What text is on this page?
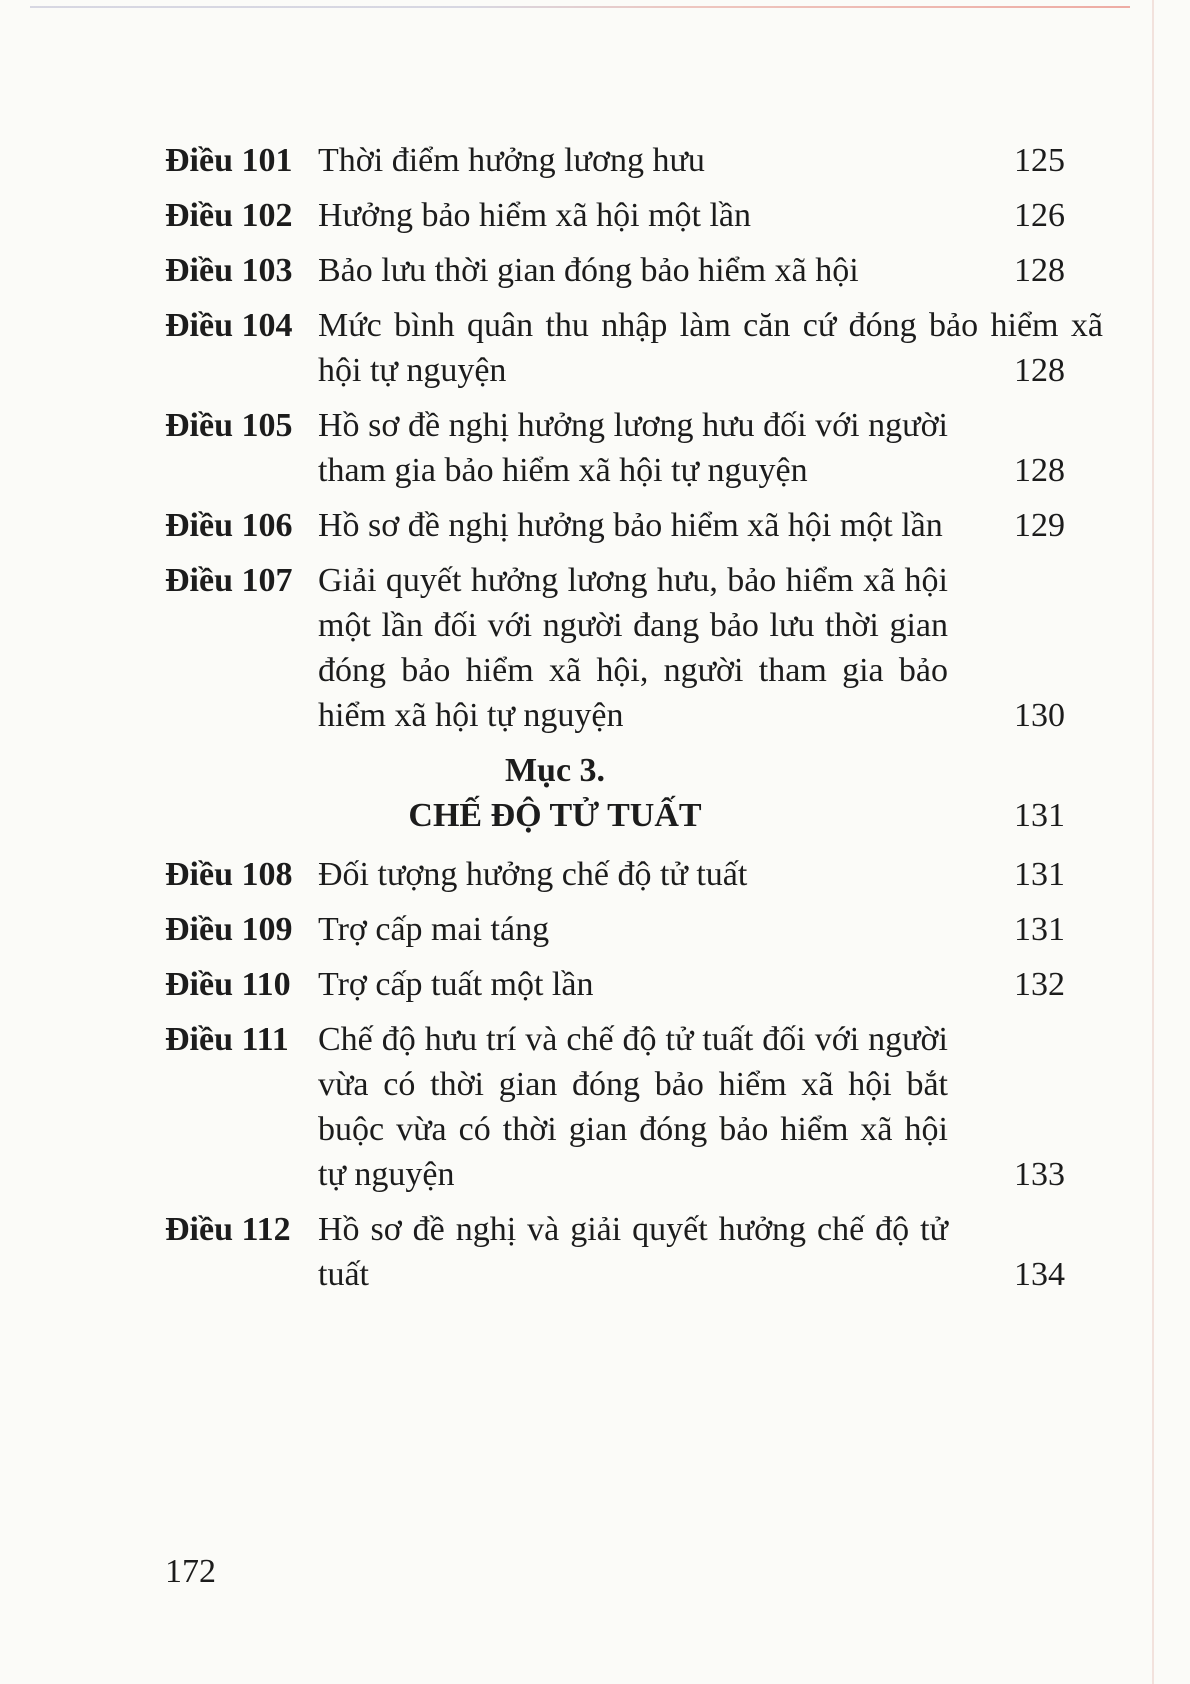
Điều 101 Thời điểm hưởng lương hưu	125
Điều 102 Hưởng bảo hiểm xã hội một lần	126
Điều 103 Bảo lưu thời gian đóng bảo hiểm xã hội	128
Điều 104 Mức bình quân thu nhập làm căn cứ đóng bảo hiểm xã hội tự nguyện	128
Điều 105 Hồ sơ đề nghị hưởng lương hưu đối với người tham gia bảo hiểm xã hội tự nguyện	128
Điều 106 Hồ sơ đề nghị hưởng bảo hiểm xã hội một lần 129
Điều 107 Giải quyết hưởng lương hưu, bảo hiểm xã hội một lần đối với người đang bảo lưu thời gian đóng bảo hiểm xã hội, người tham gia bảo hiểm xã hội tự nguyện	130
Mục 3.
CHẾ ĐỘ TỬ TUẤT	131
Điều 108 Đối tượng hưởng chế độ tử tuất	131
Điều 109 Trợ cấp mai táng	131
Điều 110 Trợ cấp tuất một lần	132
Điều 111 Chế độ hưu trí và chế độ tử tuất đối với người vừa có thời gian đóng bảo hiểm xã hội bắt buộc vừa có thời gian đóng bảo hiểm xã hội tự nguyện	133
Điều 112 Hồ sơ đề nghị và giải quyết hưởng chế độ tử tuất	134
172
